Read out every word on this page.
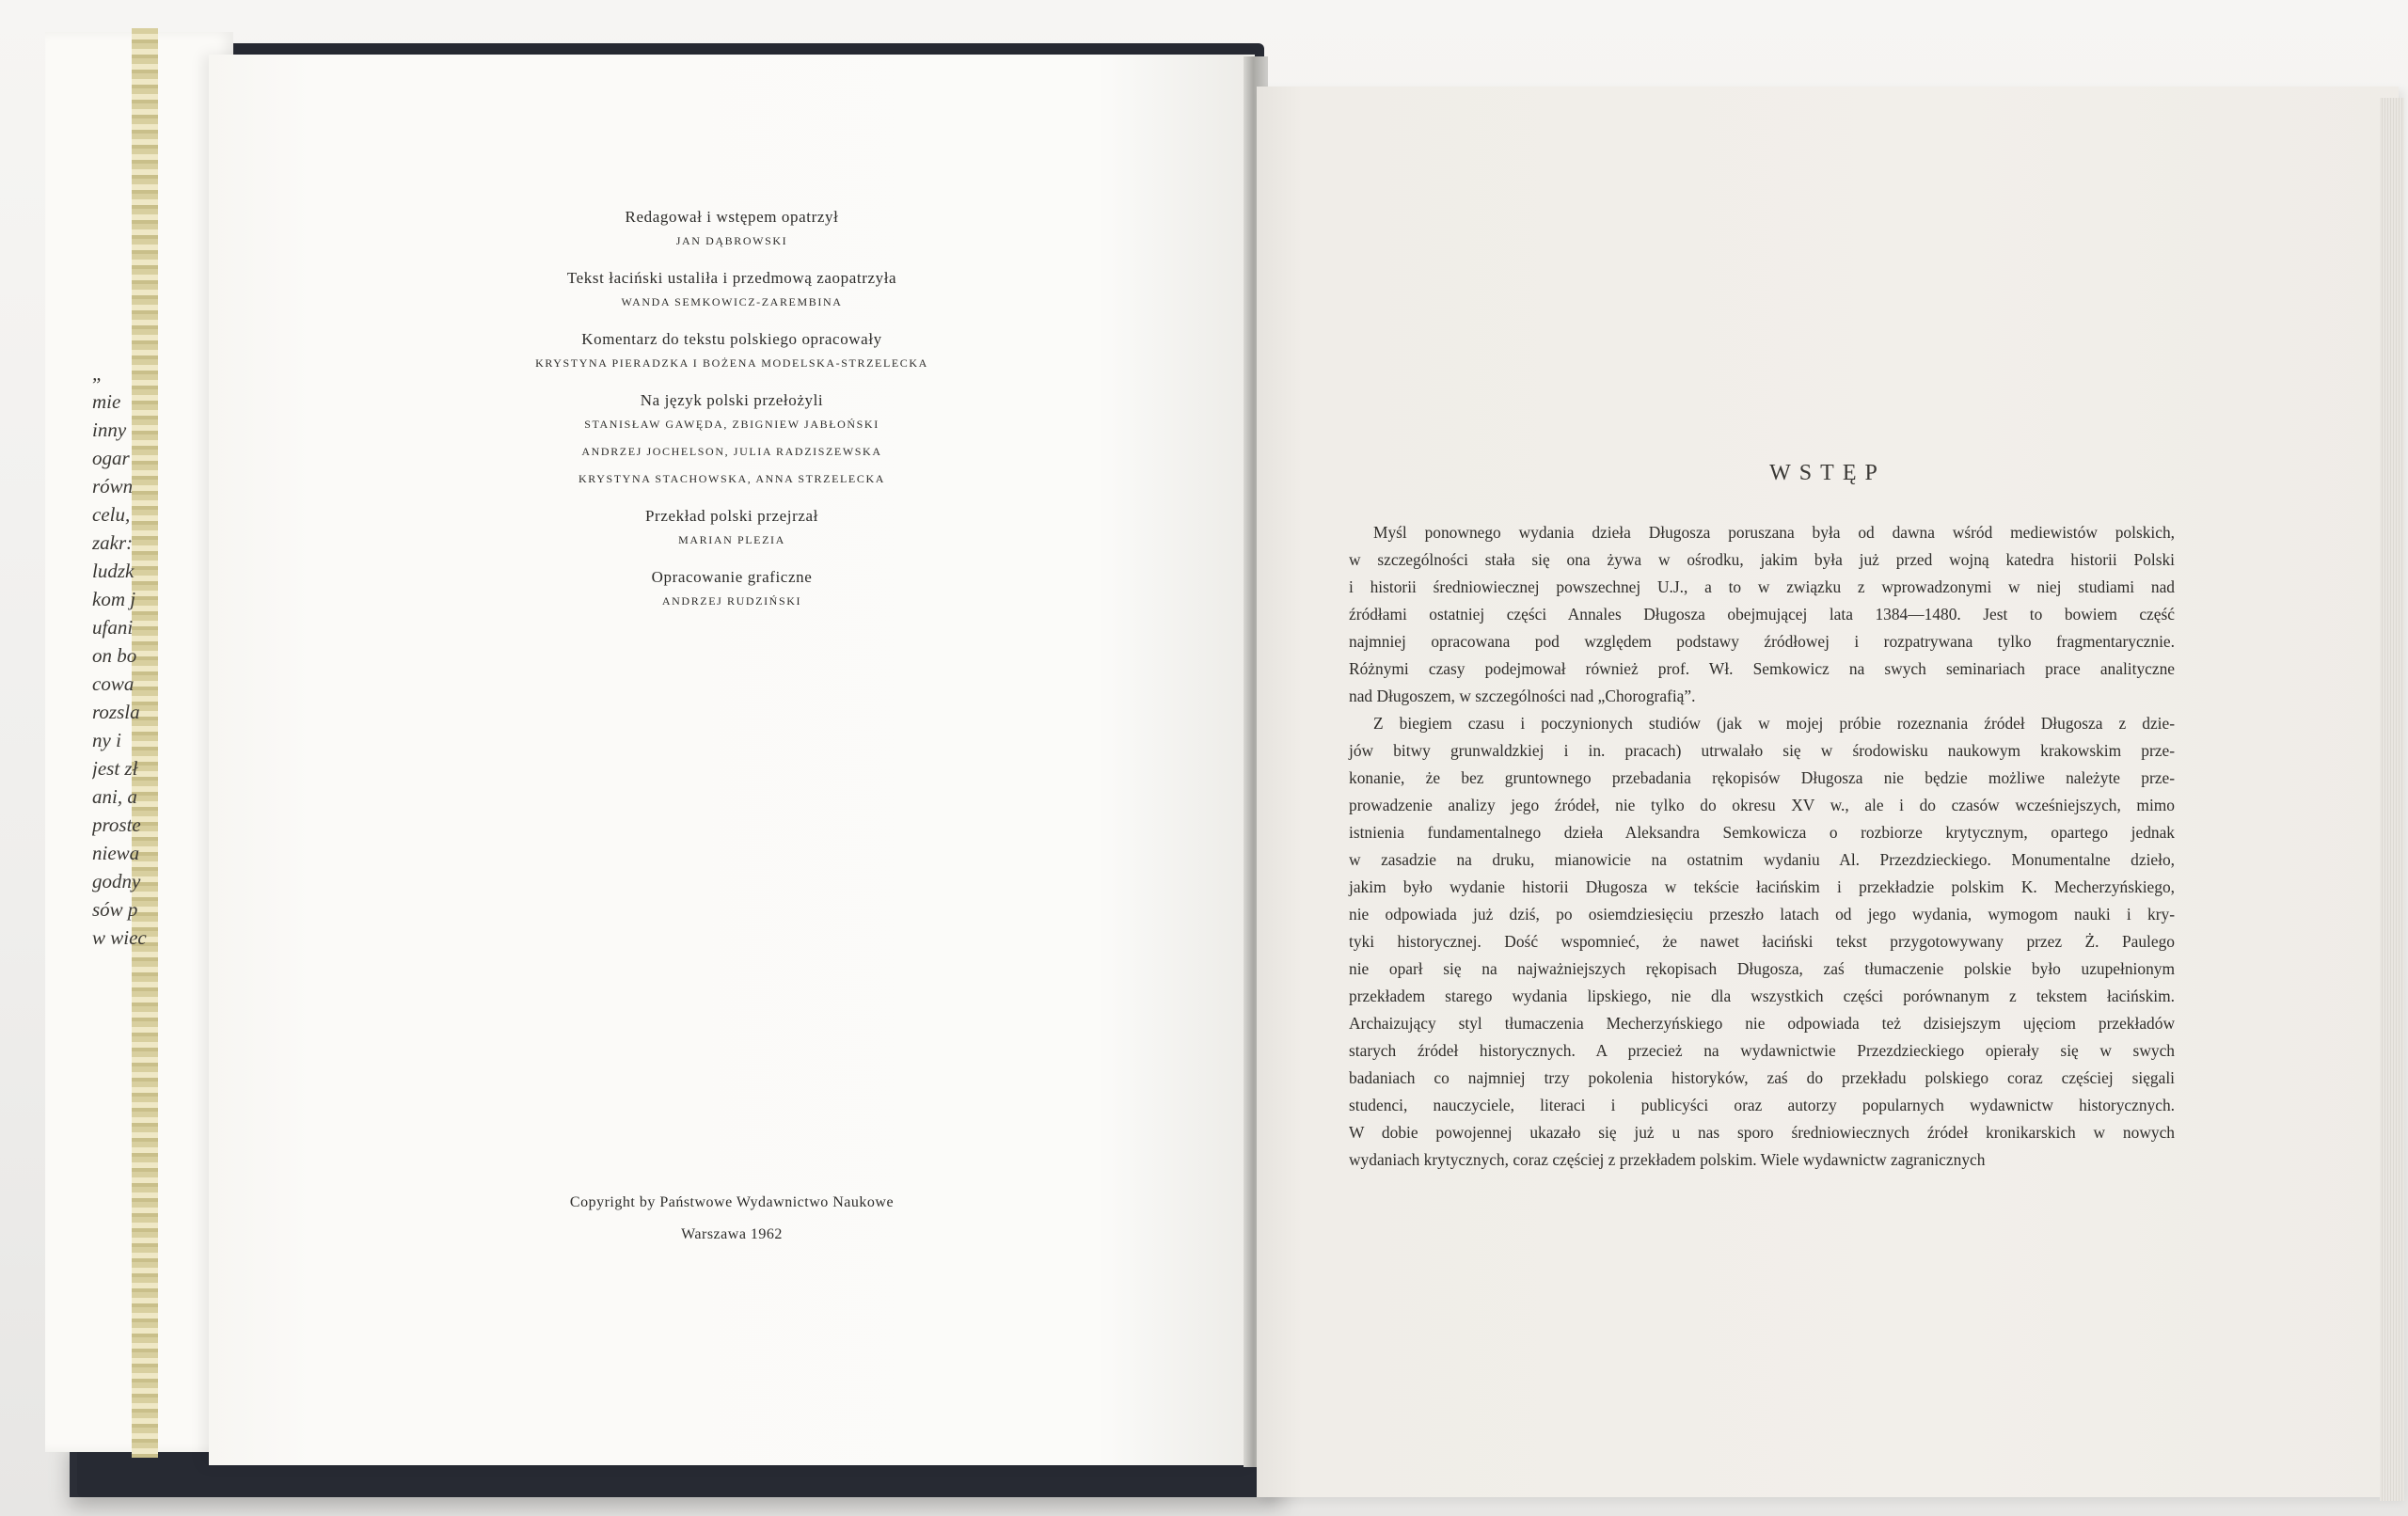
„
mie
inny
ogar
równ
celu,
zakr:
ludzk
kom j
ufani
on bo
cowa
rozsla
ny i
jest zł
ani, a
proste
niewa
godny
sów p
w wiec
Redagował i wstępem opatrzył
JAN DĄBROWSKI
Tekst łaciński ustaliła i przedmową zaopatrzyła
WANDA SEMKOWICZ-ZAREMBINA
Komentarz do tekstu polskiego opracowały
KRYSTYNA PIERADZKA I BOŻENA MODELSKA-STRZELECKA
Na język polski przełożyli
STANISŁAW GAWĘDA, ZBIGNIEW JABŁOŃSKI
ANDRZEJ JOCHELSON, JULIA RADZISZEWSKA
KRYSTYNA STACHOWSKA, ANNA STRZELECKA
Przekład polski przejrzał
MARIAN PLEZIA
Opracowanie graficzne
ANDRZEJ RUDZIŃSKI
Copyright by Państwowe Wydawnictwo Naukowe
Warszawa 1962
WSTĘP
Myśl ponownego wydania dzieła Długosza poruszana była od dawna wśród mediewistów polskich,
w szczególności stała się ona żywa w ośrodku, jakim była już przed wojną katedra historii Polski
i historii średniowiecznej powszechnej U.J., a to w związku z wprowadzonymi w niej studiami nad
źródłami ostatniej części Annales Długosza obejmującej lata 1384—1480. Jest to bowiem część
najmniej opracowana pod względem podstawy źródłowej i rozpatrywana tylko fragmentarycznie.
Różnymi czasy podejmował również prof. Wł. Semkowicz na swych seminariach prace analityczne
nad Długoszem, w szczególności nad „Chorografią”.
Z biegiem czasu i poczynionych studiów (jak w mojej próbie rozeznania źródeł Długosza z dzie-
jów bitwy grunwaldzkiej i in. pracach) utrwalało się w środowisku naukowym krakowskim prze-
konanie, że bez gruntownego przebadania rękopisów Długosza nie będzie możliwe należyte prze-
prowadzenie analizy jego źródeł, nie tylko do okresu XV w., ale i do czasów wcześniejszych, mimo
istnienia fundamentalnego dzieła Aleksandra Semkowicza o rozbiorze krytycznym, opartego jednak
w zasadzie na druku, mianowicie na ostatnim wydaniu Al. Przezdzieckiego. Monumentalne dzieło,
jakim było wydanie historii Długosza w tekście łacińskim i przekładzie polskim K. Mecherzyńskiego,
nie odpowiada już dziś, po osiemdziesięciu przeszło latach od jego wydania, wymogom nauki i kry-
tyki historycznej. Dość wspomnieć, że nawet łaciński tekst przygotowywany przez Ż. Paulego
nie oparł się na najważniejszych rękopisach Długosza, zaś tłumaczenie polskie było uzupełnionym
przekładem starego wydania lipskiego, nie dla wszystkich części porównanym z tekstem łacińskim.
Archaizujący styl tłumaczenia Mecherzyńskiego nie odpowiada też dzisiejszym ujęciom przekładów
starych źródeł historycznych. A przecież na wydawnictwie Przezdzieckiego opierały się w swych
badaniach co najmniej trzy pokolenia historyków, zaś do przekładu polskiego coraz częściej sięgali
studenci, nauczyciele, literaci i publicyści oraz autorzy popularnych wydawnictw historycznych.
W dobie powojennej ukazało się już u nas sporo średniowiecznych źródeł kronikarskich w nowych
wydaniach krytycznych, coraz częściej z przekładem polskim. Wiele wydawnictw zagranicznych
